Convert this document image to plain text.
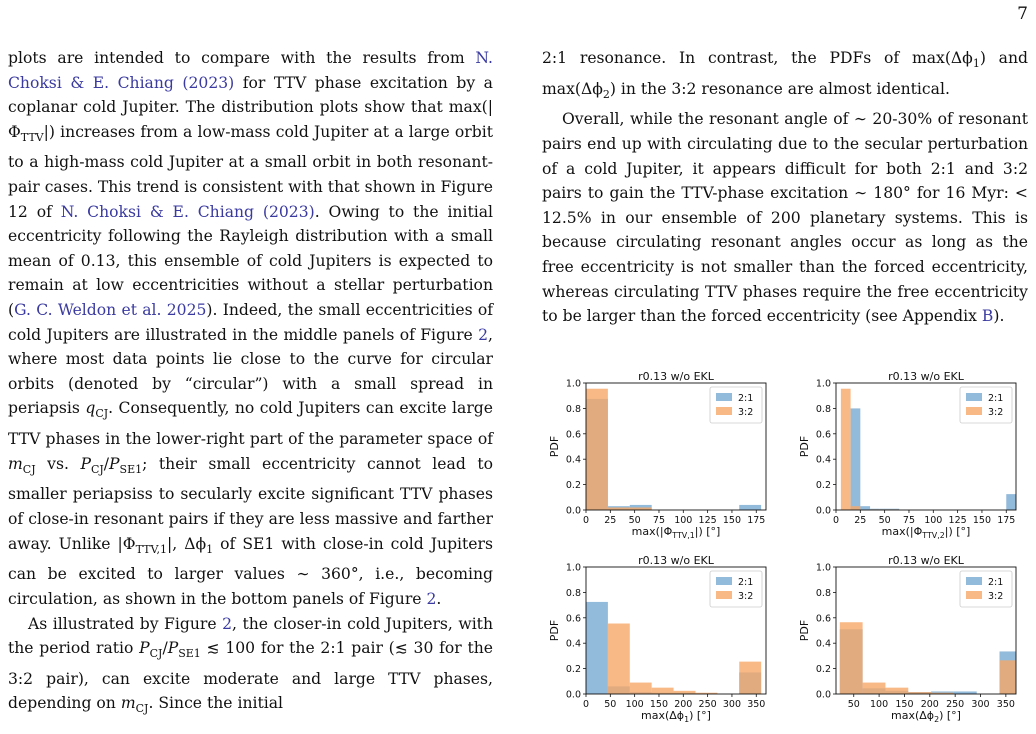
7

plots are intended to compare with the results from N. Choksi & E. Chiang (2023) for TTV phase excitation by a coplanar cold Jupiter. The distribution plots show that $\max(|\Phi_{TTV}|)$ increases from a low-mass cold Jupiter at a large orbit to a high-mass cold Jupiter at a small orbit in both resonant-pair cases. This trend is consistent with that shown in Figure 12 of N. Choksi & E. Chiang (2023). Owing to the initial eccentricity following the Rayleigh distribution with a small mean of 0.13, this ensemble of cold Jupiters is expected to remain at low eccentricities without a stellar perturbation (G. C. Weldon et al. 2025). Indeed, the small eccentricities of cold Jupiters are illustrated in the middle panels of Figure 2, where most data points lie close to the curve for circular orbits (denoted by “circular”) with a small spread in periapsis $q_{CJ}$. Consequently, no cold Jupiters can excite large TTV phases in the lower-right part of the parameter space of $m_{CJ}$ vs. $P_{CJ}/P_{SE1}$; their small eccentricity cannot lead to smaller periapsiss to secularly excite significant TTV phases of close-in resonant pairs if they are less massive and farther away. Unlike $|\Phi_{TTV,1}|$, $\Delta\phi_1$ of SE1 with close-in cold Jupiters can be excited to larger values ∼ 360°, i.e., becoming circulation, as shown in the bottom panels of Figure 2.

As illustrated by Figure 2, the closer-in cold Jupiters, with the period ratio $P_{CJ}/P_{SE1}$ ≲ 100 for the 2:1 pair (≲ 30 for the 3:2 pair), can excite moderate and large TTV phases, depending on $m_{CJ}$. Since the initial

2:1 resonance. In contrast, the PDFs of $\max(\Delta\phi_1)$ and $\max(\Delta\phi_2)$ in the 3:2 resonance are almost identical.

Overall, while the resonant angle of ∼ 20-30% of resonant pairs end up with circulating due to the secular perturbation of a cold Jupiter, it appears difficult for both 2:1 and 3:2 pairs to gain the TTV-phase excitation ∼ 180° for 16 Myr: < 12.5% in our ensemble of 200 planetary systems. This is because circulating resonant angles occur as long as the free eccentricity is not smaller than the forced eccentricity, whereas circulating TTV phases require the free eccentricity to be larger than the forced eccentricity (see Appendix B).

0.0
0.2
0.4
0.6
0.8
1.0
0 25 50 75 100 125 150 175
r0.13 w/o EKL
$\max(|\Phi_{TTV,1}|)$ [°]
PDF
2:1
3:2
0.0
0.2
0.4
0.6
0.8
1.0
0 25 50 75 100 125 150 175
r0.13 w/o EKL
$\max(|\Phi_{TTV,2}|)$ [°]
PDF
2:1
3:2
0.0
0.2
0.4
0.6
0.8
1.0
0 50 100 150 200 250 300 350
r0.13 w/o EKL
$\max(\Delta\phi_1)$ [°]
PDF
2:1
3:2
0.0
0.2
0.4
0.6
0.8
1.0
50 100 150 200 250 300 350
r0.13 w/o EKL
$\max(\Delta\phi_2)$ [°]
PDF
2:1
3:2
